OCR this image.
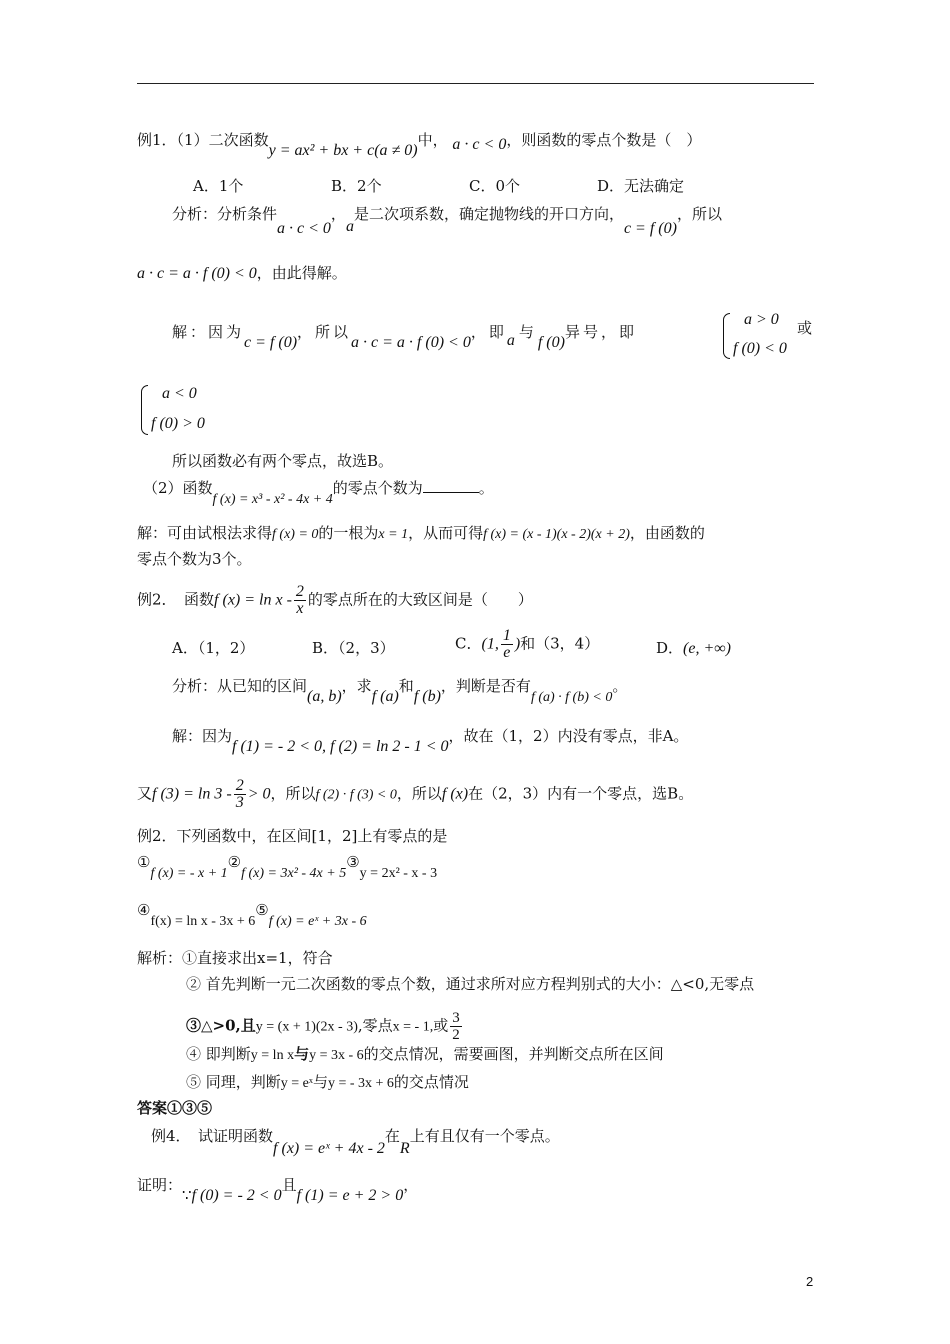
例1．（1）二次函数y = ax² + bx + c(a ≠ 0)中， a · c < 0，则函数的零点个数是（　）
A．1个	B．2个	C．0个	D．无法确定
分析：分析条件a · c < 0，a是二次项系数，确定抛物线的开口方向，c = f (0)，所以
a · c = a · f (0) < 0，由此得解。
解：因为c = f (0)，所以a · c = a · f (0) < 0，即a 与f (0)异号，即
a > 0
f (0) < 0
或
a < 0
f (0) > 0
所以函数必有两个零点，故选B。
（2）函数f (x) = x³ - x² - 4x + 4的零点个数为	。
解：可由试根法求得f (x) = 0的一根为x = 1，从而可得f (x) = (x - 1)(x - 2)(x + 2)，由函数的
零点个数为3个。
例2．　函数f $(x) = \ln x - \frac{2}{x}$ 的零点所在的大致区间是（　　）
A．（1，2）	B．（2，3）	C．(1, $\frac{1}{e}$ )和（3，4）	D．(e, +∞)
分析：从已知的区间(a, b)，求f (a)和f (b)，判断是否有f (a) · f (b) < 0。
解：因为f (1) = - 2 < 0, f (2) = ln 2 - 1 < 0，故在（1，2）内没有零点，非A。
又f $(3) = \ln 3 - \frac{2}{3} > 0$，所以f (2) · f (3) < 0，所以f (x)在（2，3）内有一个零点，选B。
例2．下列函数中，在区间[1，2]上有零点的是
①f (x) = - x + 1②f (x) = 3x² - 4x + 5③y = 2x² - x - 3
④f(x) = ln x - 3x + 6⑤f (x) = eˣ + 3x - 6
解析：①直接求出x=1，符合
② 首先判断一元二次函数的零点个数，通过求所对应方程判别式的大小：△<0,无零点
③△>0,且y = (x + 1)(2x - 3),零点x = - 1,或 $\frac{3}{2}$
④ 即判断y = ln x与y = 3x - 6的交点情况，需要画图，并判断交点所在区间
⑤ 同理，判断y = eˣ与y = - 3x + 6的交点情况
答案①③⑤
例4．　试证明函数f (x) = eˣ + 4x - 2在R上有且仅有一个零点。
证明：∵f (0) = - 2 < 0且f (1) = e + 2 > 0，
2
